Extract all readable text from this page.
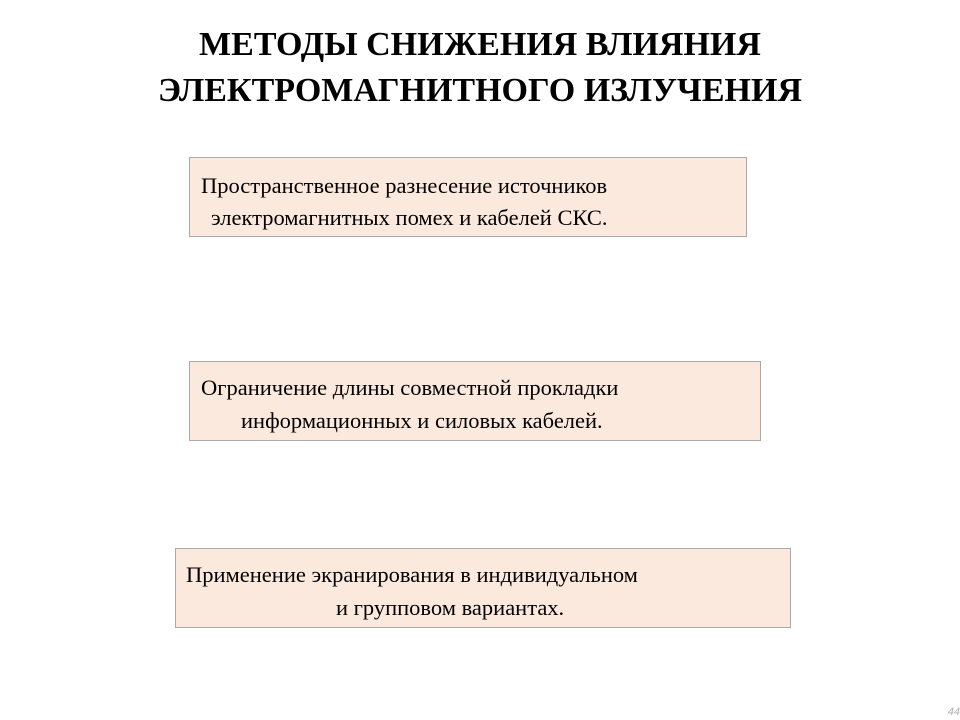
МЕТОДЫ СНИЖЕНИЯ ВЛИЯНИЯ
ЭЛЕКТРОМАГНИТНОГО ИЗЛУЧЕНИЯ
Пространственное разнесение источников
электромагнитных помех и кабелей СКС.
Ограничение длины совместной прокладки
информационных и силовых кабелей.
Применение экранирования в индивидуальном
и групповом вариантах.
44
